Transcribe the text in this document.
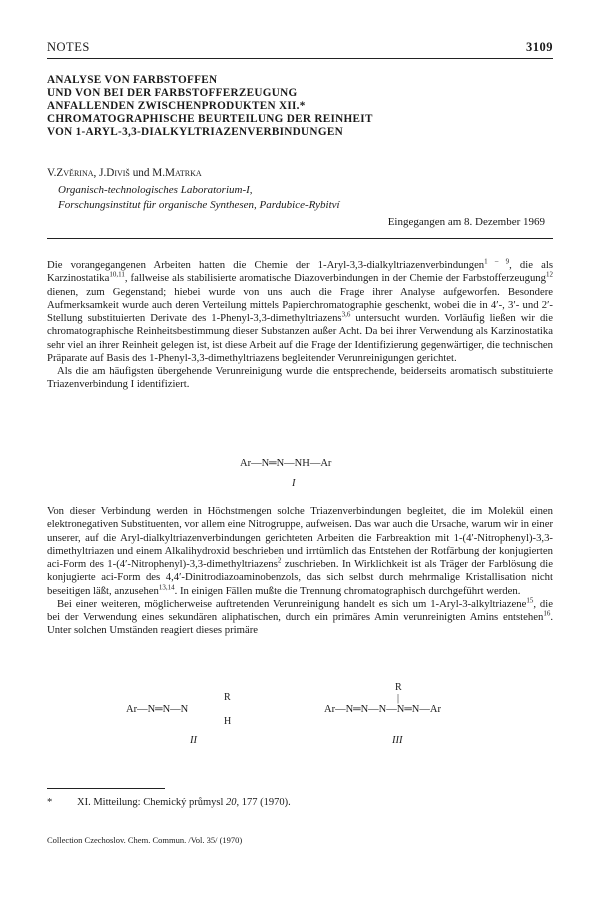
NOTES	3109
ANALYSE VON FARBSTOFFEN
UND VON BEI DER FARBSTOFFERZEUGUNG
ANFALLENDEN ZWISCHENPRODUKTEN XII.*
CHROMATOGRAPHISCHE BEURTEILUNG DER REINHEIT
VON 1-ARYL-3,3-DIALKYLTRIAZENVERBINDUNGEN
V.Zvěrina, J.Diviš und M.Matrka
Organisch-technologisches Laboratorium-I,
Forschungsinstitut für organische Synthesen, Pardubice-Rybitví
Eingegangen am 8. Dezember 1969

Die vorangegangenen Arbeiten hatten die Chemie der 1-Aryl-3,3-dialkyltriazenverbindungen$^{1 - 9}$, die als Karzinostatika$^{10,11}$, fallweise als stabilisierte aromatische Diazoverbindungen in der Chemie der Farbstofferzeugung$^{12}$ dienen, zum Gegenstand; hiebei wurde von uns auch die Frage ihrer Analyse aufgeworfen. Besondere Aufmerksamkeit wurde auch deren Verteilung mittels Papierchromatographie geschenkt, wobei die in 4′-, 3′- und 2′-Stellung substituierten Derivate des 1-Phenyl-3,3-dimethyltriazens$^{3,6}$ untersucht wurden. Vorläufig ließen wir die chromatographische Reinheitsbestimmung dieser Substanzen außer Acht. Da bei ihrer Verwendung als Karzinostatika sehr viel an ihrer Reinheit gelegen ist, ist diese Arbeit auf die Frage der Identifizierung gegenwärtiger, die technischen Präparate auf Basis des 1-Phenyl-3,3-dimethyltriazens begleitender Verunreinigungen gerichtet.

Als die am häufigsten übergehende Verunreinigung wurde die entsprechende, beiderseits aromatisch substituierte Triazenverbindung I identifiziert.

Ar—N═N—NH—Ar
I

Von dieser Verbindung werden in Höchstmengen solche Triazenverbindungen begleitet, die im Molekül einen elektronegativen Substituenten, vor allem eine Nitrogruppe, aufweisen. Das war auch die Ursache, warum wir in einer unserer, auf die Aryl-dialkyltriazenverbindungen gerichteten Arbeiten die Farbreaktion mit 1-(4′-Nitrophenyl)-3,3-dimethyltriazen und einem Alkalihydroxid beschrieben und irrtümlich das Entstehen der Rotfärbung der konjugierten aci-Form des 1-(4′-Nitrophenyl)-3,3-dimethyltriazens$^2$ zuschrieben. In Wirklichkeit ist als Träger der Farblösung die konjugierte aci-Form des 4,4′-Dinitrodiazoaminobenzols, das sich selbst durch mehrmalige Kristallisation nicht beseitigen läßt, anzusehen$^{13,14}$. In einigen Fällen mußte die Trennung chromatographisch durchgeführt werden.

Bei einer weiteren, möglicherweise auftretenden Verunreinigung handelt es sich um 1-Aryl-3-alkyltriazene$^{15}$, die bei der Verwendung eines sekundären aliphatischen, durch ein primäres Amin verunreinigten Amins entstehen$^{16}$. Unter solchen Umständen reagiert dieses primäre

R
Ar—N═N—N
H
II
R
|
Ar—N═N—N—N═N—Ar
III
* XI. Mitteilung: Chemický průmysl 20, 177 (1970).
Collection Czechoslov. Chem. Commun. /Vol. 35/ (1970)
